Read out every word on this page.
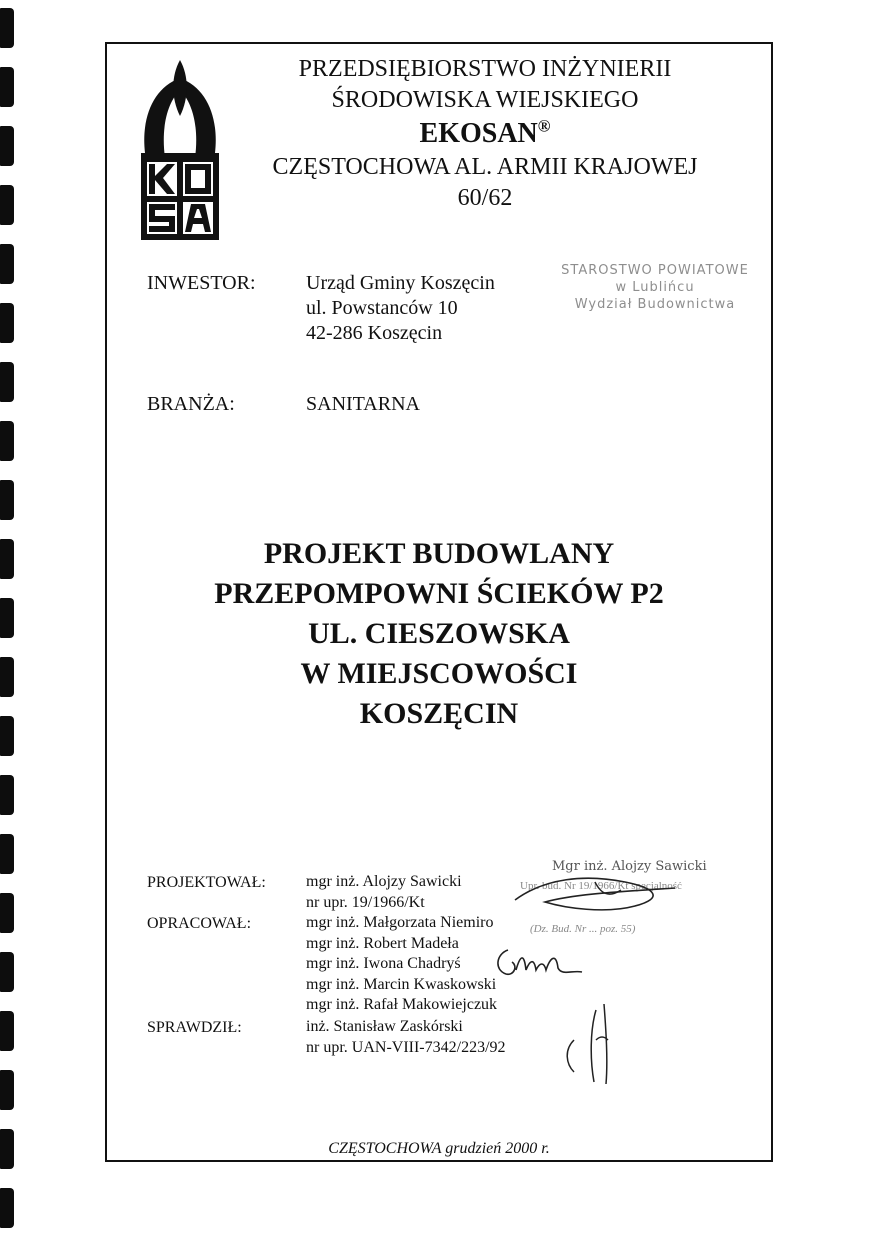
PRZEDSIĘBIORSTWO INŻYNIERII
ŚRODOWISKA WIEJSKIEGO
EKOSAN®
CZĘSTOCHOWA AL. ARMII KRAJOWEJ
60/62
INWESTOR:	Urząd Gminy Koszęcin
ul. Powstanców 10
42-286 Koszęcin
STAROSTWO POWIATOWE
w Lublińcu
Wydział Budownictwa
BRANŻA:	SANITARNA
PROJEKT BUDOWLANY
PRZEPOMPOWNI ŚCIEKÓW P2
UL. CIESZOWSKA
W MIEJSCOWOŚCI
KOSZĘCIN
PROJEKTOWAŁ:	mgr inż. Alojzy Sawicki
nr upr. 19/1966/Kt
OPRACOWAŁ:	mgr inż. Małgorzata Niemiro
mgr inż. Robert Madeła
mgr inż. Iwona Chadryś
mgr inż. Marcin Kwaskowski
mgr inż. Rafał Makowiejczuk
SPRAWDZIŁ:	inż. Stanisław Zaskórski
nr upr. UAN-VIII-7342/223/92
Mgr inż. Alojzy Sawicki
Upr. bud. Nr 19/1966/Kt specjalność
(Dz. Bud. Nr ... poz. 55)
CZĘSTOCHOWA grudzień 2000 r.
